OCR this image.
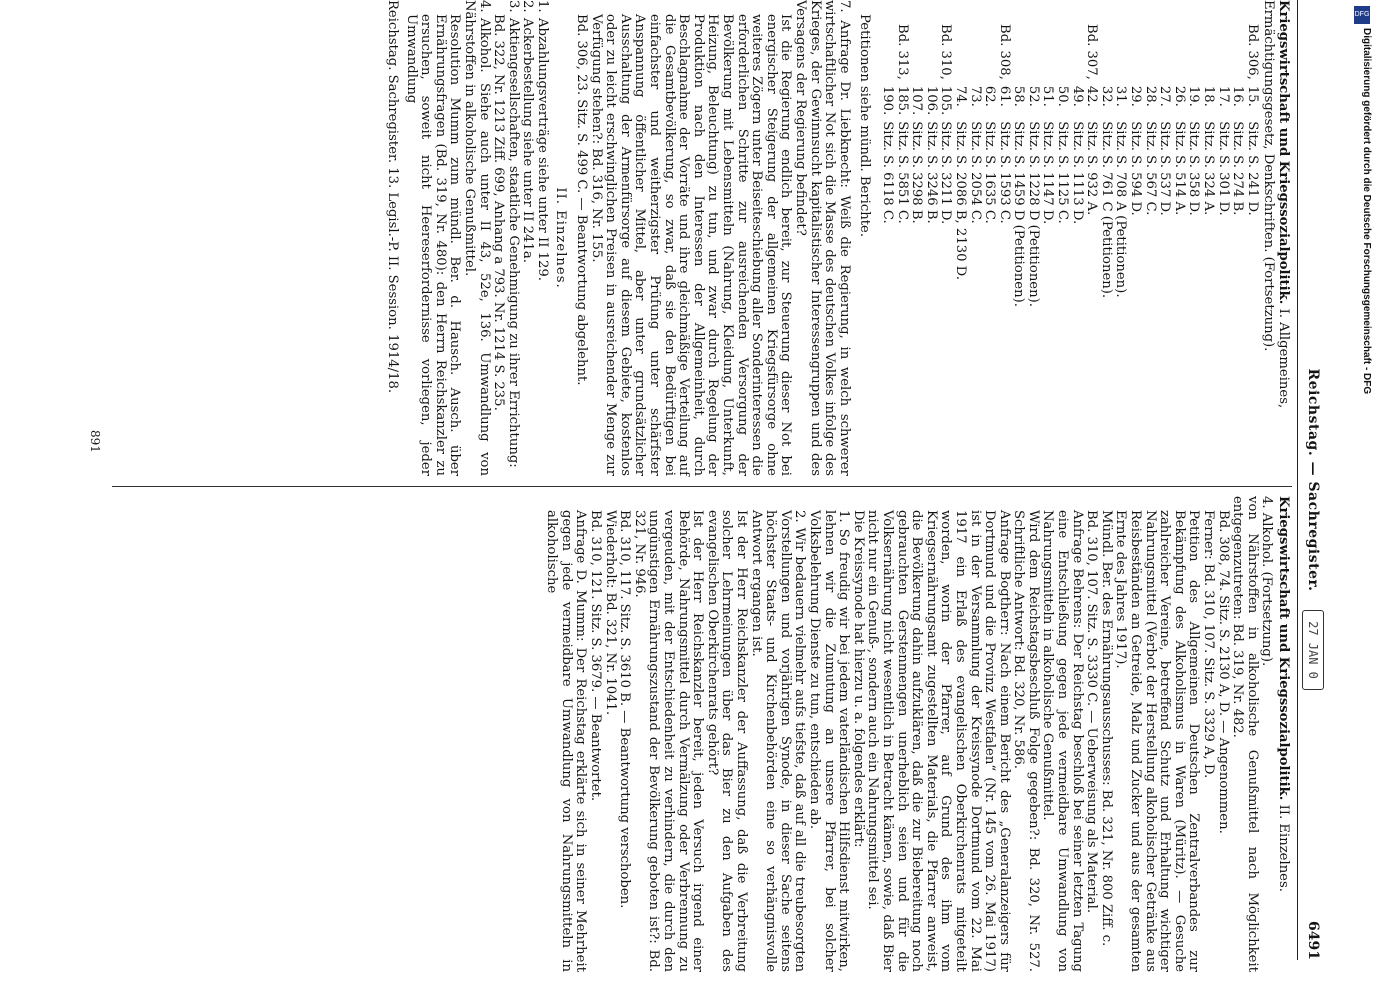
Reichstag. — Sachregister.
27 JAN 0
6491
Kriegswirtschaft und Kriegssozialpolitik. I. Allgemeines, Ermächtigungsgesetz, Denkschriften. (Fortsetzung).
Bd. 306,	15.	Sitz. S. 241 D.
	16.	Sitz. S. 274 B.
	17.	Sitz. S. 301 D.
	18.	Sitz. S. 324 A.
	19.	Sitz. S. 358 D.
	26.	Sitz. S. 514 A.
	27.	Sitz. S. 537 D.
	28.	Sitz. S. 567 C.
	29.	Sitz. S. 594 D.
	31.	Sitz. S. 708 A (Petitionen).
	32.	Sitz. S. 761 C (Petitionen).
Bd. 307,	42.	Sitz. S. 932 A.
	49.	Sitz. S. 1113 D.
	50.	Sitz. S. 1125 C.
	51.	Sitz. S. 1147 D.
	52.	Sitz. S. 1228 D (Petitionen).
	58.	Sitz. S. 1459 D (Petitionen).
Bd. 308,	61.	Sitz. S. 1593 C.
	62.	Sitz. S. 1635 C.
	73.	Sitz. S. 2054 C.
	74.	Sitz. S. 2086 B, 2130 D.
Bd. 310,	105.	Sitz. S. 3211 D.
	106.	Sitz. S. 3246 B.
	107.	Sitz. S. 3298 B.
Bd. 313,	185.	Sitz. S. 5851 C.
	190.	Sitz. S. 6118 C.

Petitionen siehe mündl. Berichte.

7. Anfrage Dr. Liebknecht: Weiß die Regierung, in welch schwerer wirtschaftlicher Not sich die Masse des deutschen Volkes infolge des Krieges, der Gewinnsucht kapitalistischer Interessengruppen und des Versagens der Regierung befindet?

Ist die Regierung endlich bereit, zur Steuerung dieser Not bei energischer Steigerung der allgemeinen Kriegsfürsorge ohne weiteres Zögern unter Beiseiteschiebung aller Sonderinteressen die erforderlichen Schritte zur ausreichenden Versorgung der Bevölkerung mit Lebensmitteln (Nahrung, Kleidung, Unterkunft, Heizung, Beleuchtung) zu tun, und zwar durch Regelung der Produktion nach den Interessen der Allgemeinheit, durch Beschlagnahme der Vorräte und ihre gleichmäßige Verteilung auf die Gesamtbevölkerung, so zwar, daß sie den Bedürftigen bei einfachster und weitherzigster Prüfung unter schärfster Anspannung öffentlicher Mittel, aber unter grundsätzlicher Ausschaltung der Armenfürsorge auf diesem Gebiete, kostenlos oder zu leicht erschwinglichen Preisen in ausreichender Menge zur Verfügung stehen?: Bd. 316, Nr. 155.

Bd. 306, 23. Sitz. S. 499 C. — Beantwortung abgelehnt.

II. Einzelnes.

1.Abzahlungsverträge siehe unter II 129.

2.Ackerbestellung siehe unter II 241a.

3.Aktiengesellschaften, staatliche Genehmigung zu ihrer Errichtung:

Bd. 322, Nr. 1213 Ziff. 699, Anhang a 793. Nr. 1214 S. 235.

4.Alkohol. Siehe auch unter II 43, 52e, 136. Umwandlung von Nährstoffen in alkoholische Genußmittel.

Resolution Mumm zum mündl. Ber. d. Hausch. Ausch. über Ernährungsfragen (Bd. 319, Nr. 480): den Herrn Reichskanzler zu ersuchen, soweit nicht Heereserfordernisse vorliegen, jeder Umwandlung

Reichstag. Sachregister. 13. Legisl.-P. II. Session. 1914/18.
Kriegswirtschaft und Kriegssozialpolitik. II. Einzelnes.

4. Alkohol. (Fortsetzung).

von Nährstoffen in alkoholische Genußmittel nach Möglichkeit entgegenzutreten: Bd. 319, Nr. 482.

Bd. 308, 74. Sitz. S. 2130 A, D. — Angenommen.

Ferner: Bd. 310, 107. Sitz. S. 3329 A, D.

Petition des Allgemeinen Deutschen Zentralverbandes zur Bekämpfung des Alkoholismus in Waren (Müritz). — Gesuche zahlreicher Vereine, betreffend Schutz und Erhaltung wichtiger Nahrungsmittel (Verbot der Herstellung alkoholischer Getränke aus Reisbeständen an Getreide, Malz und Zucker und aus der gesamten Ernte des Jahres 1917).

Mündl. Ber. des Ernährungsausschusses: Bd. 321, Nr. 800 Ziff. c.

Bd. 310, 107. Sitz. S. 3330 C. — Ueberweisung als Material.

Anfrage Behrens: Der Reichstag beschloß bei seiner letzten Tagung eine Entschließung gegen jede vermeidbare Umwandlung von Nahrungsmitteln in alkoholische Genußmittel.

Wird dem Reichstagsbeschluß Folge gegeben?: Bd. 320, Nr. 527. Schriftliche Antwort: Bd. 320, Nr. 586.

Anfrage Bogtherr: Nach einem Bericht des „Generalanzeigers für Dortmund und die Provinz Westfalen“ (Nr. 145 vom 26. Mai 1917) ist in der Versammlung der Kreissynode Dortmund vom 22. Mai 1917 ein Erlaß des evangelischen Oberkirchenrats mitgeteilt worden, worin der Pfarrer, auf Grund des ihm vom Kriegsernährungsamt zugestellten Materials, die Pfarrer anweist, die Bevölkerung dahin aufzuklären, daß die zur Biebereitung noch gebrauchten Gerstenmengen unerheblich seien und für die Volksernährung nicht wesentlich in Betracht kämen, sowie, daß Bier nicht nur ein Genuß-, sondern auch ein Nahrungsmittel sei.

Die Kreissynode hat hierzu u. a. folgendes erklärt:

1. So freudig wir bei jedem vaterländischen Hilfsdienst mitwirken, lehnen wir die Zumutung an unsere Pfarrer, bei solcher Volksbelehrung Dienste zu tun, entschieden ab.

2. Wir bedauern vielmehr aufs tiefste, daß auf all die treubesorgten Vorstellungen und vorjährigen Synode, in dieser Sache seitens höchster Staats- und Kirchenbehörden eine so verhängnisvolle Antwort ergangen ist.

Ist der Herr Reichskanzler der Auffassung, daß die Verbreitung solcher Lehrmeinungen über das Bier zu den Aufgaben des evangelischen Oberkirchenrats gehört?

Ist der Herr Reichskanzler bereit, jeden Versuch irgend einer Behörde, Nahrungsmittel durch Vermälzung oder Verbrennung zu vergeuden, mit der Entschiedenheit zu verhindern, die durch den ungünstigen Ernährungszustand der Bevölkerung geboten ist?: Bd. 321, Nr. 946.

Bd. 310, 117. Sitz. S. 3610 B. — Beantwortung verschoben.

Wiederholt: Bd. 321, Nr. 1041.

Bd. 310, 121. Sitz. S. 3679. — Beantwortet.

Anfrage D. Mumm: Der Reichstag erklärte sich in seiner Mehrheit gegen jede vermeidbare Umwandlung von Nahrungsmitteln in alkoholische

891
DFG
Digitalisierung gefördert durch die Deutsche Forschungsgemeinschaft - DFG
